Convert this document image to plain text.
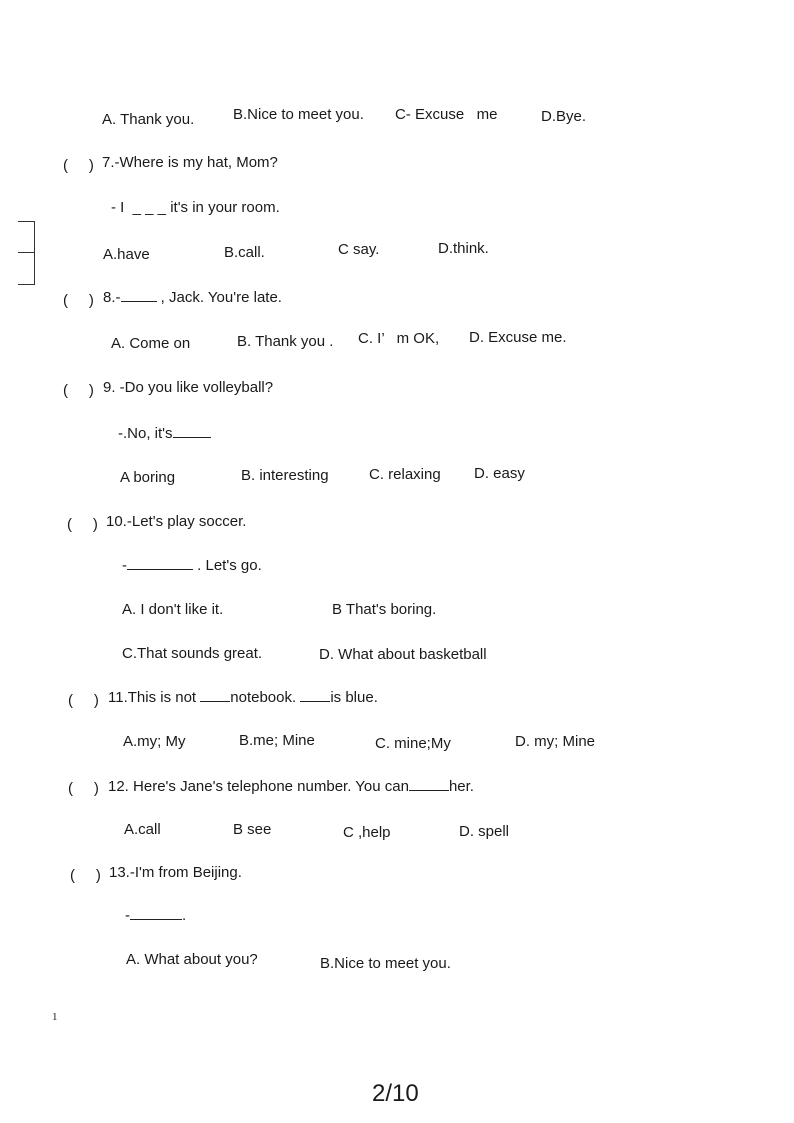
A. Thank you.	B.Nice to meet you. C- Excuse   me	D.Bye.
(     ) 7.-Where is my hat, Mom?
- I  _ _ _ it's in your room.
A.have	B.call.	C say.	D.think.
(     ) 8.- , Jack. You're late.
A. Come on	B. Thank you . C. I’   m OK, D. Excuse me.
(     ) 9. -Do you like volleyball?
-.No, it's
A boring	B. interesting	C. relaxing D. easy
(     ) 10.-Let's play soccer.
-	. Let's go.
A. I don't like it.	B That's boring.
C.That sounds great.	D. What about basketball
(     ) 11.This is not notebook. is blue.
A.my; My	B.me; Mine	C. mine;My	D. my; Mine
(     ) 12. Here's Jane's telephone number. You can	her.
A.call	B see	C ,help	D. spell
(     ) 13.-I'm from Beijing.
-	.
A. What about you?	B.Nice to meet you.
1
2/10
